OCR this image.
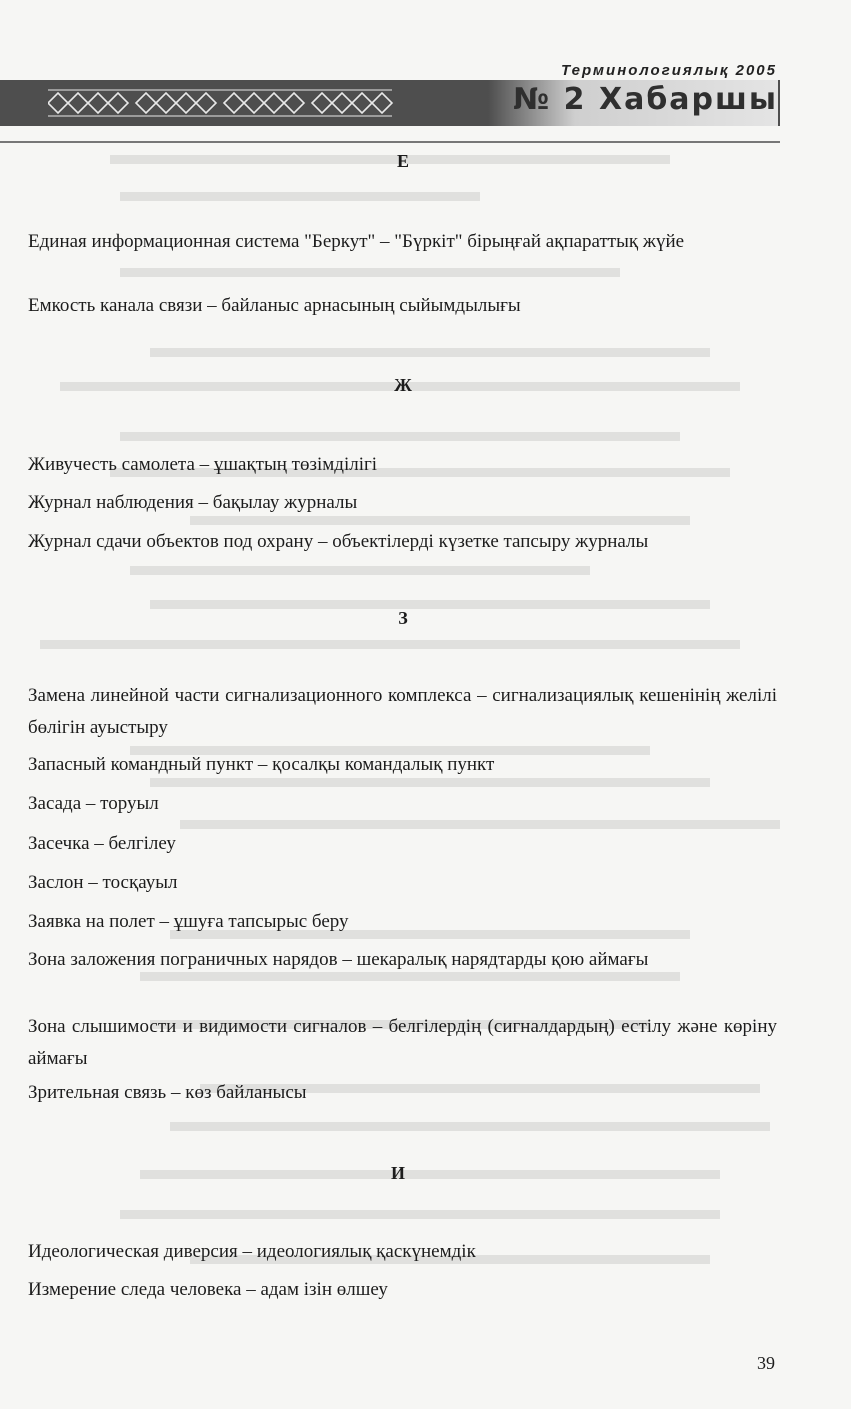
Терминологиялық 2005
№ 2 Хабаршы
Е

Единая информационная система "Беркут" – "Бүркіт" бірыңғай ақпараттық жүйе

Емкость канала связи – байланыс арнасының сыйымдылығы

Ж

Живучесть самолета – ұшақтың төзімділігі

Журнал наблюдения – бақылау журналы

Журнал сдачи объектов под охрану – объектілерді күзетке тапсыру журналы

З

Замена линейной части сигнализационного комплекса – сигнализациялық кешенінің желілі бөлігін ауыстыру

Запасный командный пункт – қосалқы командалық пункт

Засада – торуыл

Засечка – белгілеу

Заслон – тосқауыл

Заявка на полет – ұшуға тапсырыс беру

Зона заложения пограничных нарядов – шекаралық нарядтарды қою аймағы

Зона слышимости и видимости сигналов – белгілердің (сигналдардың) естілу және көріну аймағы

Зрительная связь – көз байланысы

И

Идеологическая диверсия – идеологиялық қаскүнемдік

Измерение следа человека – адам ізін өлшеу

39
